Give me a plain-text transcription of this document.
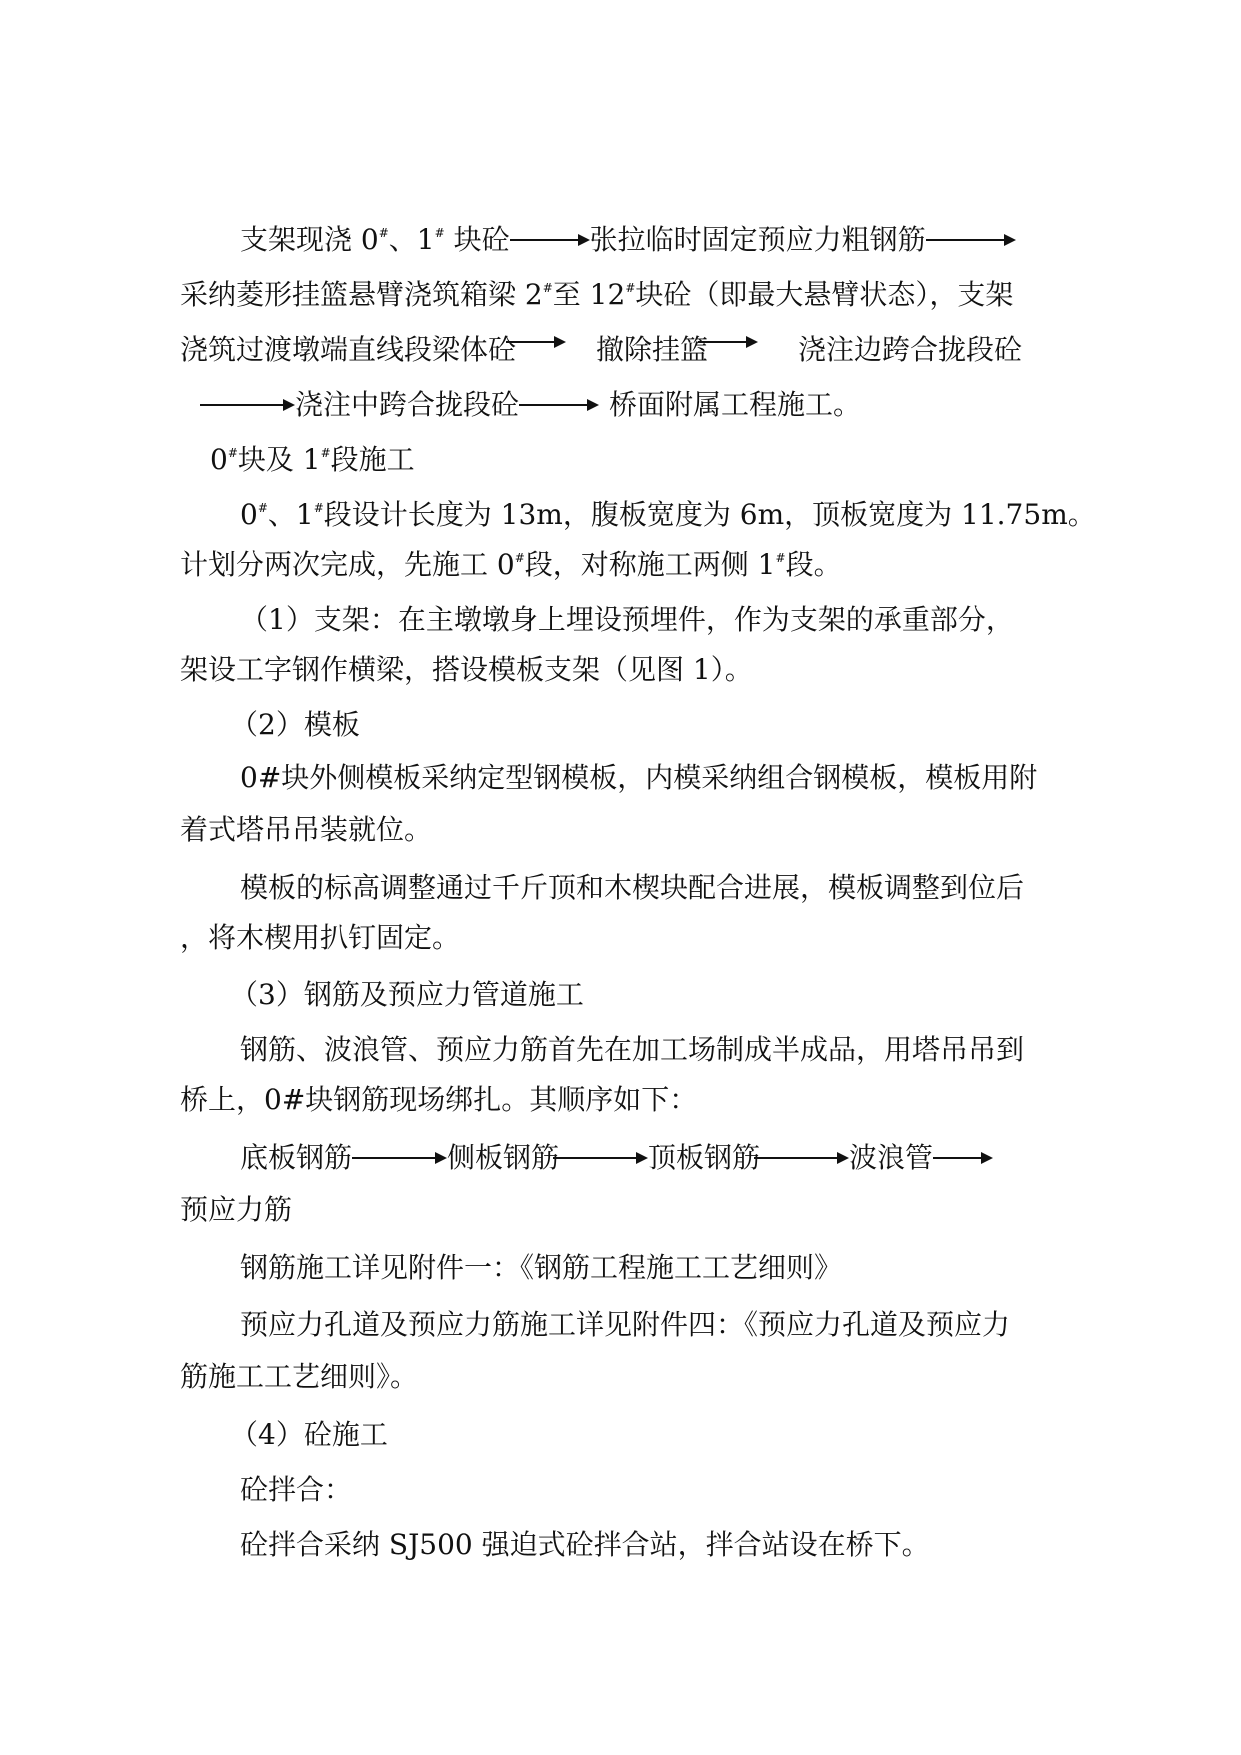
支架现浇 0#、1# 块砼	张拉临时固定预应力粗钢筋
采纳菱形挂篮悬臂浇筑箱梁 2#至 12#块砼（即最大悬臂状态），支架
浇筑过渡墩端直线段梁体砼	撤除挂篮	浇注边跨合拢段砼
浇注中跨合拢段砼	桥面附属工程施工。
0#块及 1#段施工
0#、1#段设计长度为 13m，腹板宽度为 6m，顶板宽度为 11.75m。
计划分两次完成，先施工 0#段，对称施工两侧 1#段。
（1）支架：在主墩墩身上埋设预埋件，作为支架的承重部分，
架设工字钢作横梁，搭设模板支架（见图 1）。
（2）模板
0#块外侧模板采纳定型钢模板，内模采纳组合钢模板，模板用附
着式塔吊吊装就位。
模板的标高调整通过千斤顶和木楔块配合进展，模板调整到位后
，将木楔用扒钉固定。
（3）钢筋及预应力管道施工
钢筋、波浪管、预应力筋首先在加工场制成半成品，用塔吊吊到
桥上，0#块钢筋现场绑扎。其顺序如下：
底板钢筋	侧板钢筋	顶板钢筋	波浪管
预应力筋
钢筋施工详见附件一：《钢筋工程施工工艺细则》
预应力孔道及预应力筋施工详见附件四：《预应力孔道及预应力
筋施工工艺细则》。
（4）砼施工
砼拌合：
砼拌合采纳 SJ500 强迫式砼拌合站，拌合站设在桥下。
